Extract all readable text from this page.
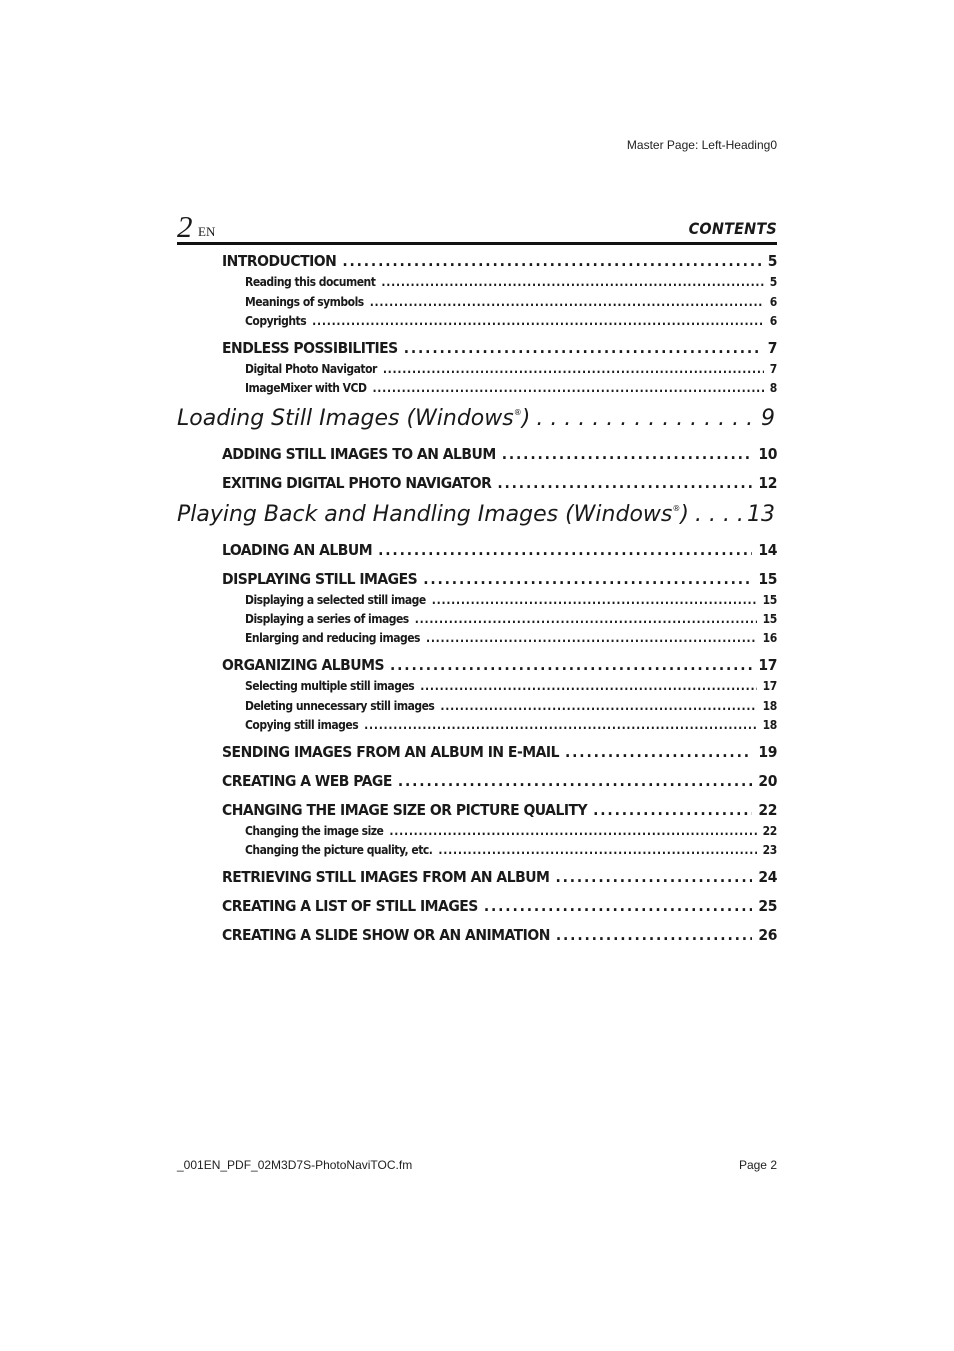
Master Page: Left-Heading0
2 EN	CONTENTS
INTRODUCTION . . .	5
Reading this document . . .	5
Meanings of symbols . . .	6
Copyrights . . .	6
ENDLESS POSSIBILITIES . . .	7
Digital Photo Navigator . . .	7
ImageMixer with VCD . . .	8
Loading Still Images (Windows®) . . .	9
ADDING STILL IMAGES TO AN ALBUM . . .	10
EXITING DIGITAL PHOTO NAVIGATOR . . .	12
Playing Back and Handling Images (Windows®) . . .	13
LOADING AN ALBUM . . .	14
DISPLAYING STILL IMAGES . . .	15
Displaying a selected still image . . .	15
Displaying a series of images . . .	15
Enlarging and reducing images . . .	16
ORGANIZING ALBUMS . . .	17
Selecting multiple still images . . .	17
Deleting unnecessary still images . . .	18
Copying still images . . .	18
SENDING IMAGES FROM AN ALBUM IN E-MAIL . . .	19
CREATING A WEB PAGE . . .	20
CHANGING THE IMAGE SIZE OR PICTURE QUALITY . . .	22
Changing the image size . . .	22
Changing the picture quality, etc. . . .	23
RETRIEVING STILL IMAGES FROM AN ALBUM . . .	24
CREATING A LIST OF STILL IMAGES . . .	25
CREATING A SLIDE SHOW OR AN ANIMATION . . .	26
_001EN_PDF_02M3D7S-PhotoNaviTOC.fm	Page 2
